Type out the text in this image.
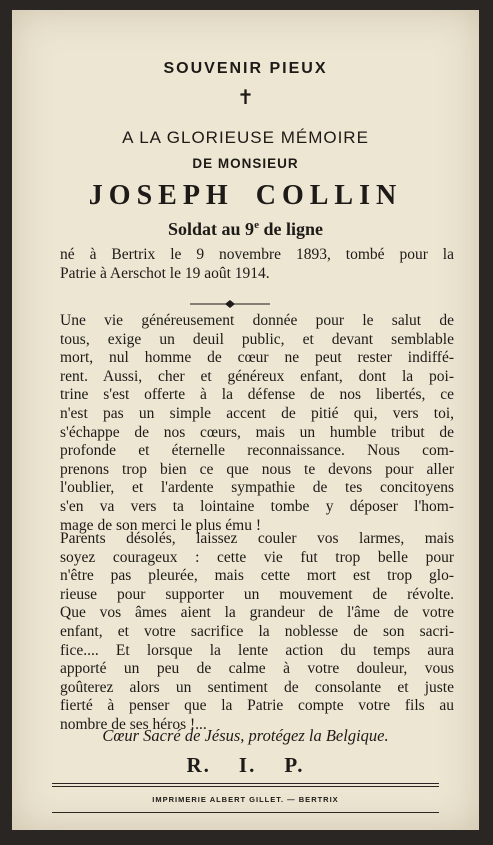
SOUVENIR PIEUX
✝
A LA GLORIEUSE MÉMOIRE
DE MONSIEUR
JOSEPH COLLIN
Soldat au 9e de ligne
né à Bertrix le 9 novembre 1893, tombé pour la
Patrie à Aerschot le 19 août 1914.
Une vie généreusement donnée pour le salut de
tous, exige un deuil public, et devant semblable
mort, nul homme de cœur ne peut rester indiffé-
rent. Aussi, cher et généreux enfant, dont la poi-
trine s'est offerte à la défense de nos libertés, ce
n'est pas un simple accent de pitié qui, vers toi,
s'échappe de nos cœurs, mais un humble tribut de
profonde et éternelle reconnaissance. Nous com-
prenons trop bien ce que nous te devons pour aller
l'oublier, et l'ardente sympathie de tes concitoyens
s'en va vers ta lointaine tombe y déposer l'hom-
mage de son merci le plus ému !
Parents désolés, laissez couler vos larmes, mais
soyez courageux : cette vie fut trop belle pour
n'être pas pleurée, mais cette mort est trop glo-
rieuse pour supporter un mouvement de révolte.
Que vos âmes aient la grandeur de l'âme de votre
enfant, et votre sacrifice la noblesse de son sacri-
fice.... Et lorsque la lente action du temps aura
apporté un peu de calme à votre douleur, vous
goûterez alors un sentiment de consolante et juste
fierté à penser que la Patrie compte votre fils au
nombre de ses héros !...
Cœur Sacré de Jésus, protégez la Belgique.
R. I. P.
IMPRIMERIE ALBERT GILLET. — BERTRIX
